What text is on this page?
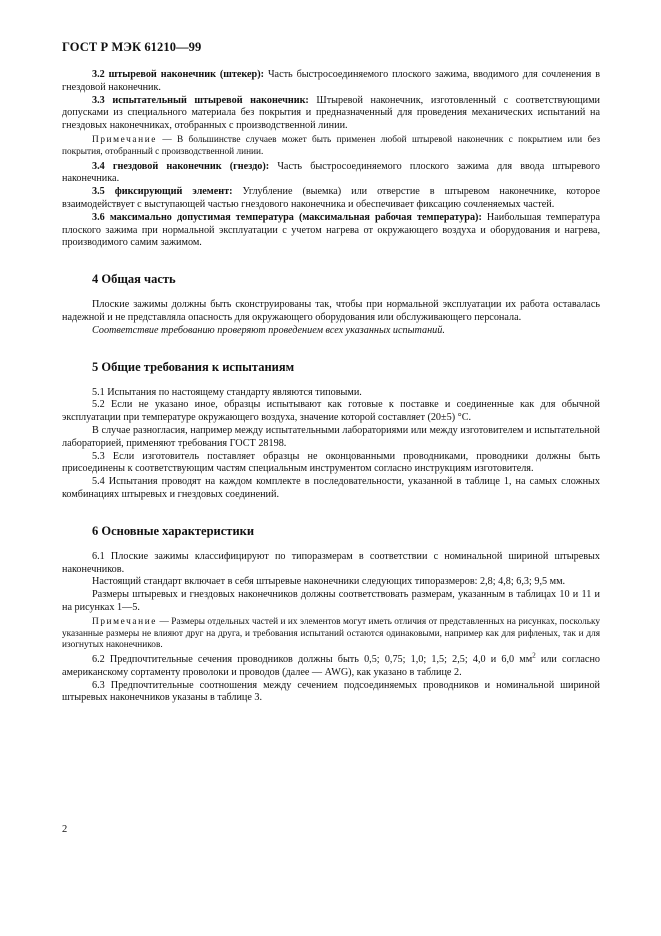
ГОСТ Р МЭК 61210—99

3.2 штыревой наконечник (штекер): Часть быстросоединяемого плоского зажима, вводимого для сочленения в гнездовой наконечник.

3.3 испытательный штыревой наконечник: Штыревой наконечник, изготовленный с соответствующими допусками из специального материала без покрытия и предназначенный для проведения механических испытаний на гнездовых наконечниках, отобранных с производственной линии.

Примечание — В большинстве случаев может быть применен любой штыревой наконечник с покрытием или без покрытия, отобранный с производственной линии.

3.4 гнездовой наконечник (гнездо): Часть быстросоединяемого плоского зажима для ввода штыревого наконечника.

3.5 фиксирующий элемент: Углубление (выемка) или отверстие в штыревом наконечнике, которое взаимодействует с выступающей частью гнездового наконечника и обеспечивает фиксацию сочленяемых частей.

3.6 максимально допустимая температура (максимальная рабочая температура): Наибольшая температура плоского зажима при нормальной эксплуатации с учетом нагрева от окружающего воздуха и оборудования и нагрева, производимого самим зажимом.

4 Общая часть

Плоские зажимы должны быть сконструированы так, чтобы при нормальной эксплуатации их работа оставалась надежной и не представляла опасность для окружающего оборудования или обслуживающего персонала.

Соответствие требованию проверяют проведением всех указанных испытаний.

5 Общие требования к испытаниям

5.1 Испытания по настоящему стандарту являются типовыми.

5.2 Если не указано иное, образцы испытывают как готовые к поставке и соединенные как для обычной эксплуатации при температуре окружающего воздуха, значение которой составляет (20±5) °С.

В случае разногласия, например между испытательными лабораториями или между изготовителем и испытательной лабораторией, применяют требования ГОСТ 28198.

5.3 Если изготовитель поставляет образцы не оконцованными проводниками, проводники должны быть присоединены к соответствующим частям специальным инструментом согласно инструкциям изготовителя.

5.4 Испытания проводят на каждом комплекте в последовательности, указанной в таблице 1, на самых сложных комбинациях штыревых и гнездовых соединений.

6 Основные характеристики

6.1 Плоские зажимы классифицируют по типоразмерам в соответствии с номинальной шириной штыревых наконечников.

Настоящий стандарт включает в себя штыревые наконечники следующих типоразмеров: 2,8; 4,8; 6,3; 9,5 мм.

Размеры штыревых и гнездовых наконечников должны соответствовать размерам, указанным в таблицах 10 и 11 и на рисунках 1—5.

Примечание — Размеры отдельных частей и их элементов могут иметь отличия от представленных на рисунках, поскольку указанные размеры не влияют друг на друга, и требования испытаний остаются одинаковыми, например как для рифленых, так и для изогнутых наконечников.

6.2 Предпочтительные сечения проводников должны быть 0,5; 0,75; 1,0; 1,5; 2,5; 4,0 и 6,0 $мм^2$ или согласно американскому сортаменту проволоки и проводов (далее — AWG), как указано в таблице 2.

6.3 Предпочтительные соотношения между сечением подсоединяемых проводников и номинальной шириной штыревых наконечников указаны в таблице 3.

2
